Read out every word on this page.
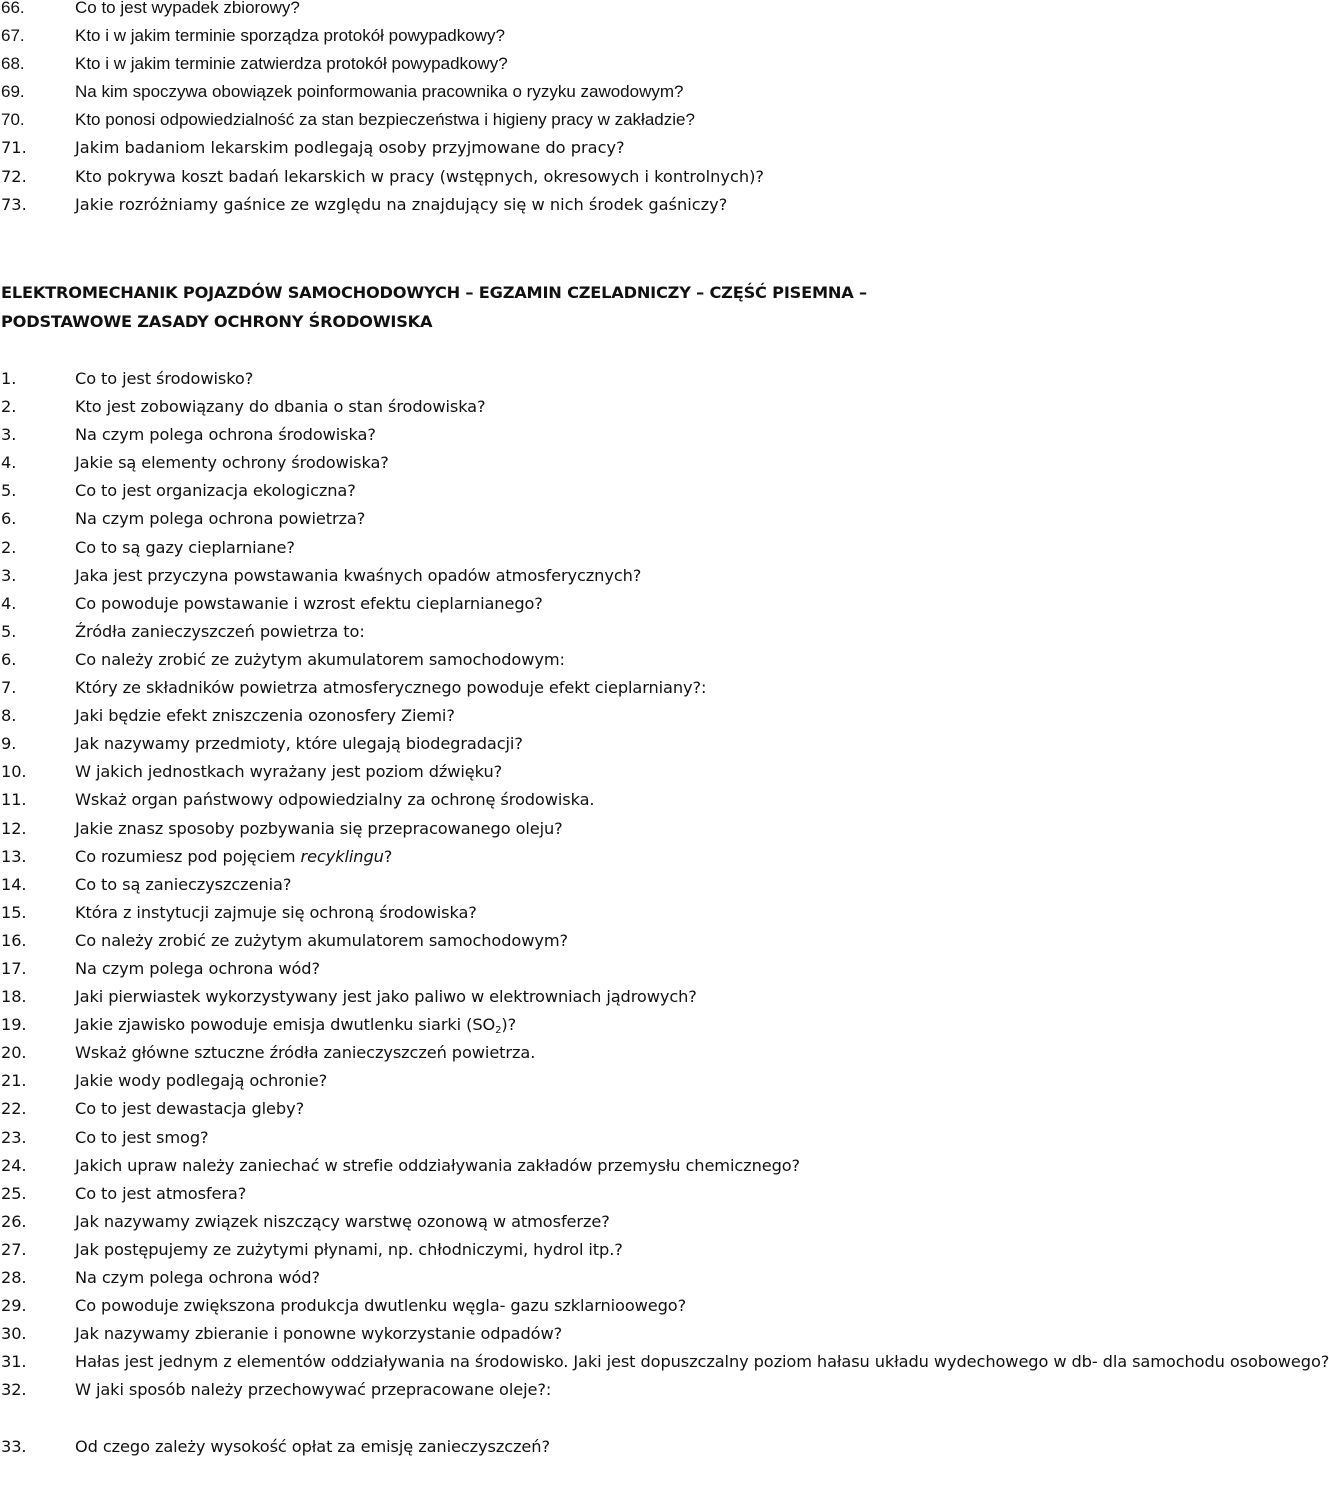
66.	Co to jest wypadek zbiorowy?
67.	Kto i w jakim terminie sporządza protokół powypadkowy?
68.	Kto i w jakim terminie zatwierdza protokół powypadkowy?
69.	Na kim spoczywa obowiązek poinformowania pracownika o ryzyku zawodowym?
70.	Kto ponosi odpowiedzialność za stan bezpieczeństwa i higieny pracy w zakładzie?
71.	Jakim badaniom lekarskim podlegają osoby przyjmowane do pracy?
72.	Kto pokrywa koszt badań lekarskich w pracy (wstępnych, okresowych i kontrolnych)?
73.	Jakie rozróżniamy gaśnice ze względu na znajdujący się w nich środek gaśniczy?
ELEKTROMECHANIK POJAZDÓW SAMOCHODOWYCH – EGZAMIN CZELADNICZY – CZĘŚĆ PISEMNA –
PODSTAWOWE ZASADY OCHRONY ŚRODOWISKA
1.	Co to jest środowisko?
2.	Kto jest zobowiązany do dbania o stan środowiska?
3.	Na czym polega ochrona środowiska?
4.	Jakie są elementy ochrony środowiska?
5.	Co to jest organizacja ekologiczna?
6.	Na czym polega ochrona powietrza?
2.	Co to są gazy cieplarniane?
3.	Jaka jest przyczyna powstawania kwaśnych opadów atmosferycznych?
4.	Co powoduje powstawanie i wzrost efektu cieplarnianego?
5.	Źródła zanieczyszczeń powietrza to:
6.	Co należy zrobić ze zużytym akumulatorem samochodowym:
7.	Który ze składników powietrza atmosferycznego powoduje efekt cieplarniany?:
8.	Jaki będzie efekt zniszczenia ozonosfery Ziemi?
9.	Jak nazywamy przedmioty, które ulegają biodegradacji?
10.	W jakich jednostkach wyrażany jest poziom dźwięku?
11.	Wskaż organ państwowy odpowiedzialny za ochronę środowiska.
12.	Jakie znasz sposoby pozbywania się przepracowanego oleju?
13.	Co rozumiesz pod pojęciem recyklingu?
14.	Co to są zanieczyszczenia?
15.	Która z instytucji zajmuje się ochroną środowiska?
16.	Co należy zrobić ze zużytym akumulatorem samochodowym?
17.	Na czym polega ochrona wód?
18.	Jaki pierwiastek wykorzystywany jest jako paliwo w elektrowniach jądrowych?
19.	Jakie zjawisko powoduje emisja dwutlenku siarki $(SO_2)$?
20.	Wskaż główne sztuczne źródła zanieczyszczeń powietrza.
21.	Jakie wody podlegają ochronie?
22.	Co to jest dewastacja gleby?
23.	Co to jest smog?
24.	Jakich upraw należy zaniechać w strefie oddziaływania zakładów przemysłu chemicznego?
25.	Co to jest atmosfera?
26.	Jak nazywamy związek niszczący warstwę ozonową w atmosferze?
27.	Jak postępujemy ze zużytymi płynami, np. chłodniczymi, hydrol itp.?
28.	Na czym polega ochrona wód?
29.	Co powoduje zwiększona produkcja dwutlenku węgla- gazu szklarnioowego?
30.	Jak nazywamy zbieranie i ponowne wykorzystanie odpadów?
31.	Hałas jest jednym z elementów oddziaływania na środowisko. Jaki jest dopuszczalny poziom hałasu układu wydechowego w db- dla samochodu osobowego?
32.	W jaki sposób należy przechowywać przepracowane oleje?:
33.	Od czego zależy wysokość opłat za emisję zanieczyszczeń?
